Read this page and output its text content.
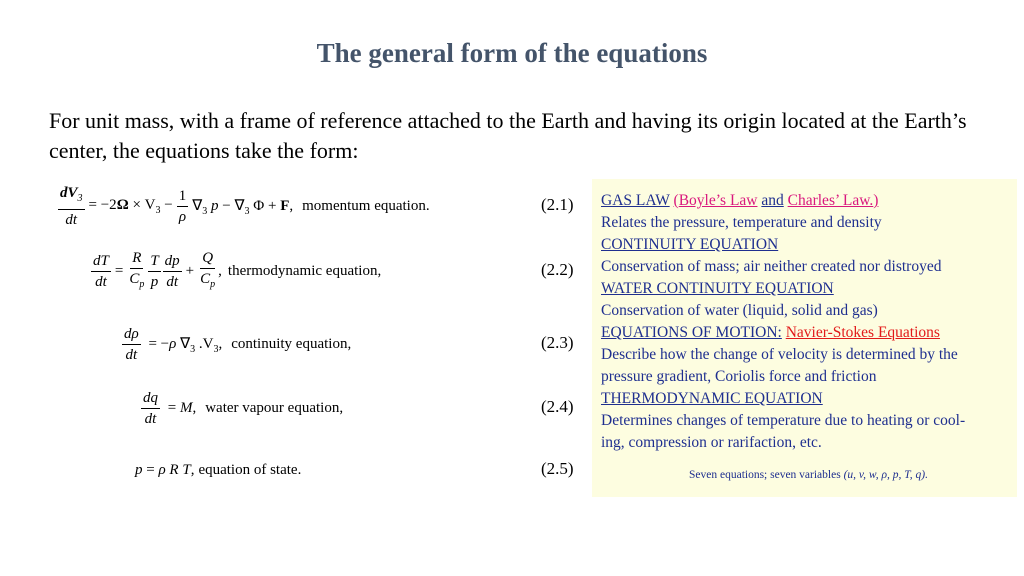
The general form of the equations
For unit mass, with a frame of reference attached to the Earth and having its origin located at the Earth’s center, the equations take the form:
$\frac{dV_3}{dt} = -2\Omega \times V_3 - \frac{1}{\rho} \nabla_3$ $p - \nabla_3$ Φ + F, momentum equation.	(2.1)
$\frac{dT}{dt} = \frac{R}{C_p} \frac{T}{p} \frac{dp}{dt} + \frac{Q}{C_p}$ , thermodynamic equation,	(2.2)
$\frac{d\rho}{dt} = -\rho$ $\nabla_3$ $.V_3$, continuity equation,	(2.3)
$\frac{dq}{dt} = M$, water vapour equation,	(2.4)
p = ρ R T, equation of state.	(2.5)
GAS LAW (Boyle’s Law and Charles’ Law.)
Relates the pressure, temperature and density
CONTINUITY EQUATION
Conservation of mass; air neither created nor distroyed
WATER CONTINUITY EQUATION
Conservation of water (liquid, solid and gas)
EQUATIONS OF MOTION: Navier-Stokes Equations
Describe how the change of velocity is determined by the
pressure gradient, Coriolis force and friction
THERMODYNAMIC EQUATION
Determines changes of temperature due to heating or cool-
ing, compression or rarifaction, etc.
Seven equations; seven variables (u, v, w, ρ, p, T, q).
